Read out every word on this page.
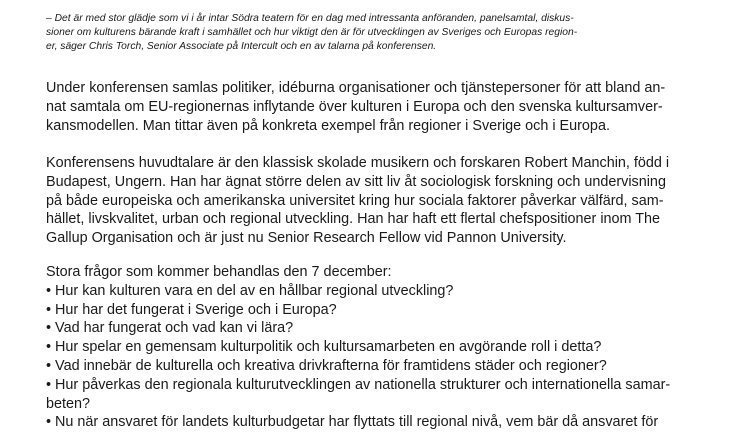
– Det är med stor glädje som vi i år intar Södra teatern för en dag med intressanta anföranden, panelsamtal, diskus-
sioner om kulturens bärande kraft i samhället och hur viktigt den är för utvecklingen av Sveriges och Europas region-
er, säger Chris Torch, Senior Associate på Intercult och en av talarna på konferensen.
Under konferensen samlas politiker, idéburna organisationer och tjänstepersoner för att bland an-
nat samtala om EU-regionernas inflytande över kulturen i Europa och den svenska kultursamver-
kansmodellen. Man tittar även på konkreta exempel från regioner i Sverige och i Europa.
Konferensens huvudtalare är den klassisk skolade musikern och forskaren Robert Manchin, född i
Budapest, Ungern. Han har ägnat större delen av sitt liv åt sociologisk forskning och undervisning
på både europeiska och amerikanska universitet kring hur sociala faktorer påverkar välfärd, sam-
hället, livskvalitet, urban och regional utveckling. Han har haft ett flertal chefspositioner inom The
Gallup Organisation och är just nu Senior Research Fellow vid Pannon University.
Stora frågor som kommer behandlas den 7 december:
• Hur kan kulturen vara en del av en hållbar regional utveckling?
• Hur har det fungerat i Sverige och i Europa?
• Vad har fungerat och vad kan vi lära?
• Hur spelar en gemensam kulturpolitik och kultursamarbeten en avgörande roll i detta?
• Vad innebär de kulturella och kreativa drivkrafterna för framtidens städer och regioner?
• Hur påverkas den regionala kulturutvecklingen av nationella strukturer och internationella samar-
beten?
• Nu när ansvaret för landets kulturbudgetar har flyttats till regional nivå, vem bär då ansvaret för
